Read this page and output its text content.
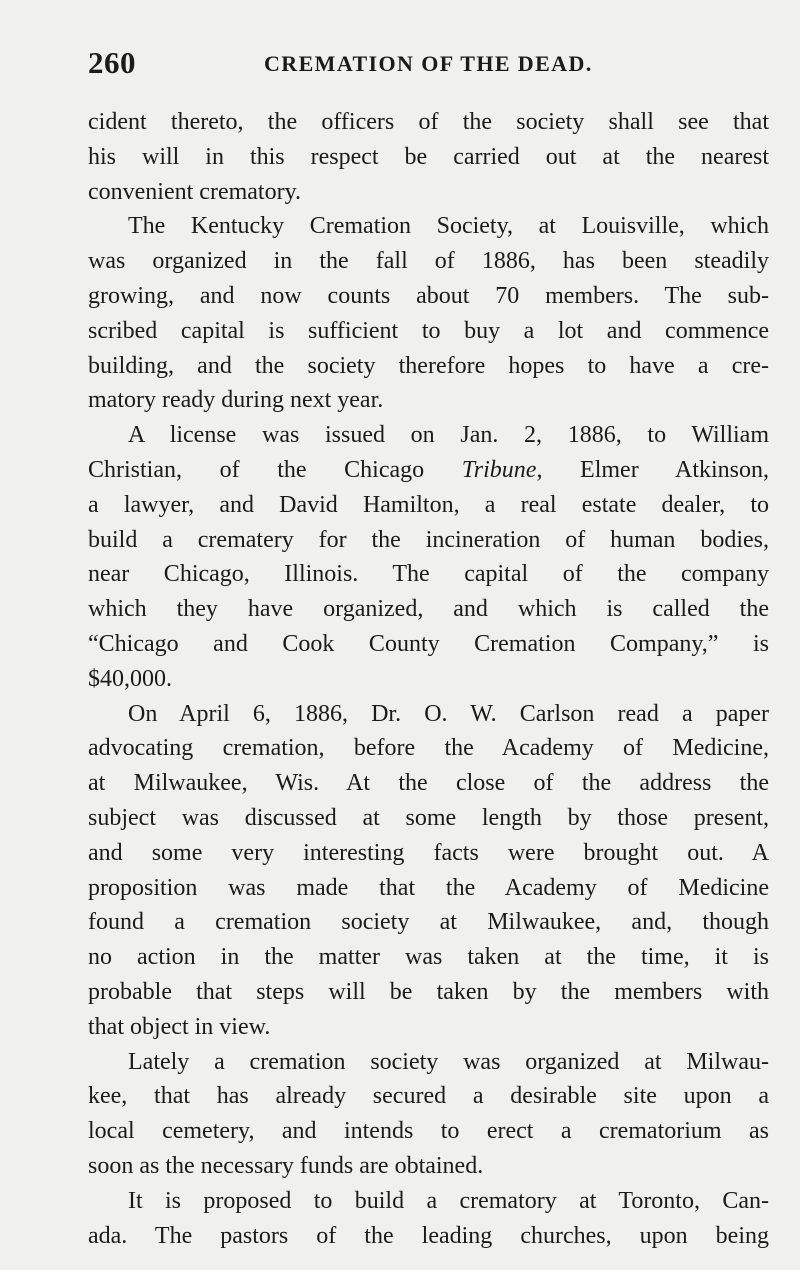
260	CREMATION OF THE DEAD.
cident thereto, the officers of the society shall see that
his will in this respect be carried out at the nearest
convenient crematory.
The Kentucky Cremation Society, at Louisville, which
was organized in the fall of 1886, has been steadily
growing, and now counts about 70 members. The sub-
scribed capital is sufficient to buy a lot and commence
building, and the society therefore hopes to have a cre-
matory ready during next year.
A license was issued on Jan. 2, 1886, to William
Christian, of the Chicago Tribune, Elmer Atkinson,
a lawyer, and David Hamilton, a real estate dealer, to
build a crematery for the incineration of human bodies,
near Chicago, Illinois. The capital of the company
which they have organized, and which is called the
“Chicago and Cook County Cremation Company,” is
$40,000.
On April 6, 1886, Dr. O. W. Carlson read a paper
advocating cremation, before the Academy of Medicine,
at Milwaukee, Wis. At the close of the address the
subject was discussed at some length by those present,
and some very interesting facts were brought out. A
proposition was made that the Academy of Medicine
found a cremation society at Milwaukee, and, though
no action in the matter was taken at the time, it is
probable that steps will be taken by the members with
that object in view.
Lately a cremation society was organized at Milwau-
kee, that has already secured a desirable site upon a
local cemetery, and intends to erect a crematorium as
soon as the necessary funds are obtained.
It is proposed to build a crematory at Toronto, Can-
ada. The pastors of the leading churches, upon being
